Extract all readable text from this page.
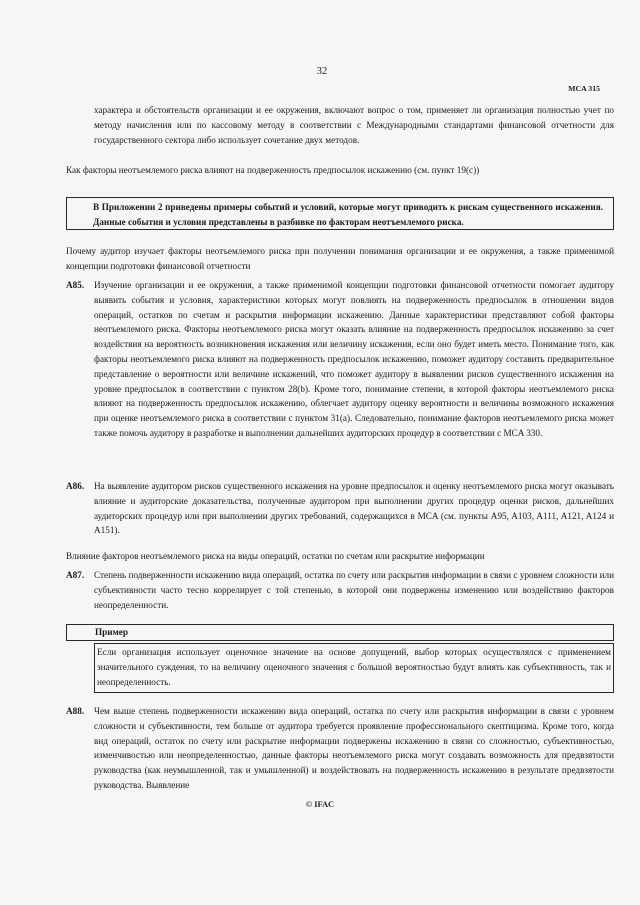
32
MCA 315
характера и обстоятельств организации и ее окружения, включают вопрос о том, применяет ли организация полностью учет по методу начисления или по кассовому методу в соответствии с Международными стандартами финансовой отчетности для государственного сектора либо использует сочетание двух методов.
Как факторы неотъемлемого риска влияют на подверженность предпосылок искажению (см. пункт 19(c))
В Приложении 2 приведены примеры событий и условий, которые могут приводить к рискам существенного искажения. Данные события и условия представлены в разбивке по факторам неотъемлемого риска.
Почему аудитор изучает факторы неотъемлемого риска при получении понимания организации и ее окружения, а также применимой концепции подготовки финансовой отчетности
A85. Изучение организации и ее окружения, а также применимой концепции подготовки финансовой отчетности помогает аудитору выявить события и условия, характеристики которых могут повлиять на подверженность предпосылок в отношении видов операций, остатков по счетам и раскрытия информации искажению. Данные характеристики представляют собой факторы неотъемлемого риска. Факторы неотъемлемого риска могут оказать влияние на подверженность предпосылок искажению за счет воздействия на вероятность возникновения искажения или величину искажения, если оно будет иметь место. Понимание того, как факторы неотъемлемого риска влияют на подверженность предпосылок искажению, поможет аудитору составить предварительное представление о вероятности или величине искажений, что поможет аудитору в выявлении рисков существенного искажения на уровне предпосылок в соответствии с пунктом 28(b). Кроме того, понимание степени, в которой факторы неотъемлемого риска влияют на подверженность предпосылок искажению, облегчает аудитору оценку вероятности и величины возможного искажения при оценке неотъемлемого риска в соответствии с пунктом 31(a). Следовательно, понимание факторов неотъемлемого риска может также помочь аудитору в разработке и выполнении дальнейших аудиторских процедур в соответствии с MCA 330.
A86. На выявление аудитором рисков существенного искажения на уровне предпосылок и оценку неотъемлемого риска могут оказывать влияние и аудиторские доказательства, полученные аудитором при выполнении других процедур оценки рисков, дальнейших аудиторских процедур или при выполнении других требований, содержащихся в MCA (см. пункты A95, A103, A111, A121, A124 и A151).
Влияние факторов неотъемлемого риска на виды операций, остатки по счетам или раскрытие информации
A87. Степень подверженности искажению вида операций, остатка по счету или раскрытия информации в связи с уровнем сложности или субъективности часто тесно коррелирует с той степенью, в которой они подвержены изменению или воздействию факторов неопределенности.
Пример
Если организация использует оценочное значение на основе допущений, выбор которых осуществлялся с применением значительного суждения, то на величину оценочного значения с большой вероятностью будут влиять как субъективность, так и неопределенность.
A88. Чем выше степень подверженности искажению вида операций, остатка по счету или раскрытия информации в связи с уровнем сложности и субъективности, тем больше от аудитора требуется проявление профессионального скептицизма. Кроме того, когда вид операций, остаток по счету или раскрытие информации подвержены искажению в связи со сложностью, субъективностью, изменчивостью или неопределенностью, данные факторы неотъемлемого риска могут создавать возможность для предвзятости руководства (как неумышленной, так и умышленной) и воздействовать на подверженность искажению в результате предвзятости руководства. Выявление
© IFAC
